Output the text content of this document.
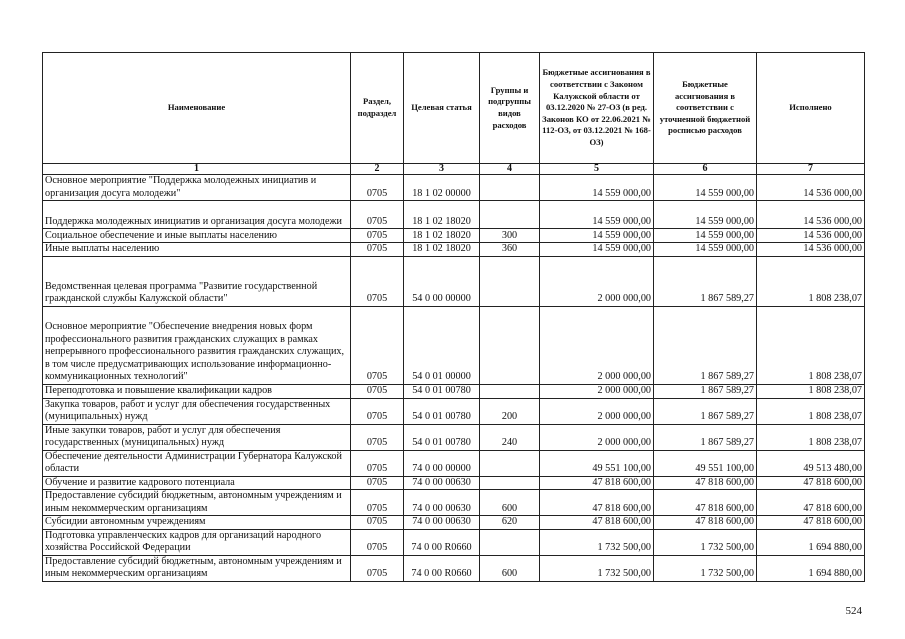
Наименование	Раздел, подраздел	Целевая статья	Группы и подгруппы видов расходов	Бюджетные ассигнования в соответствии с Законом Калужской области от 03.12.2020 № 27-ОЗ (в ред. Законов КО от 22.06.2021 № 112-ОЗ, от 03.12.2021 № 168-ОЗ)	Бюджетные ассигнования в соответствии с уточненной бюджетной росписью расходов	Исполнено
1	2	3	4	5	6	7
Основное мероприятие "Поддержка молодежных инициатив и организация досуга молодежи"	0705	18 1 02 00000		14 559 000,00	14 559 000,00	14 536 000,00
Поддержка молодежных инициатив и организация досуга молодежи	0705	18 1 02 18020		14 559 000,00	14 559 000,00	14 536 000,00
Социальное обеспечение и иные выплаты населению	0705	18 1 02 18020	300	14 559 000,00	14 559 000,00	14 536 000,00
Иные выплаты населению	0705	18 1 02 18020	360	14 559 000,00	14 559 000,00	14 536 000,00
Ведомственная целевая программа "Развитие государственной гражданской службы Калужской области"	0705	54 0 00 00000		2 000 000,00	1 867 589,27	1 808 238,07
Основное мероприятие "Обеспечение внедрения новых форм профессионального развития гражданских служащих в рамках непрерывного профессионального развития гражданских служащих, в том числе предусматривающих использование информационно-коммуникационных технологий"	0705	54 0 01 00000		2 000 000,00	1 867 589,27	1 808 238,07
Переподготовка и повышение квалификации кадров	0705	54 0 01 00780		2 000 000,00	1 867 589,27	1 808 238,07
Закупка товаров, работ и услуг для обеспечения государственных (муниципальных) нужд	0705	54 0 01 00780	200	2 000 000,00	1 867 589,27	1 808 238,07
Иные закупки товаров, работ и услуг для обеспечения государственных (муниципальных) нужд	0705	54 0 01 00780	240	2 000 000,00	1 867 589,27	1 808 238,07
Обеспечение деятельности Администрации Губернатора Калужской области	0705	74 0 00 00000		49 551 100,00	49 551 100,00	49 513 480,00
Обучение и развитие кадрового потенциала	0705	74 0 00 00630		47 818 600,00	47 818 600,00	47 818 600,00
Предоставление субсидий бюджетным, автономным учреждениям и иным некоммерческим организациям	0705	74 0 00 00630	600	47 818 600,00	47 818 600,00	47 818 600,00
Субсидии автономным учреждениям	0705	74 0 00 00630	620	47 818 600,00	47 818 600,00	47 818 600,00
Подготовка управленческих кадров для организаций народного хозяйства Российской Федерации	0705	74 0 00 R0660		1 732 500,00	1 732 500,00	1 694 880,00
Предоставление субсидий бюджетным, автономным учреждениям и иным некоммерческим организациям	0705	74 0 00 R0660	600	1 732 500,00	1 732 500,00	1 694 880,00
524
